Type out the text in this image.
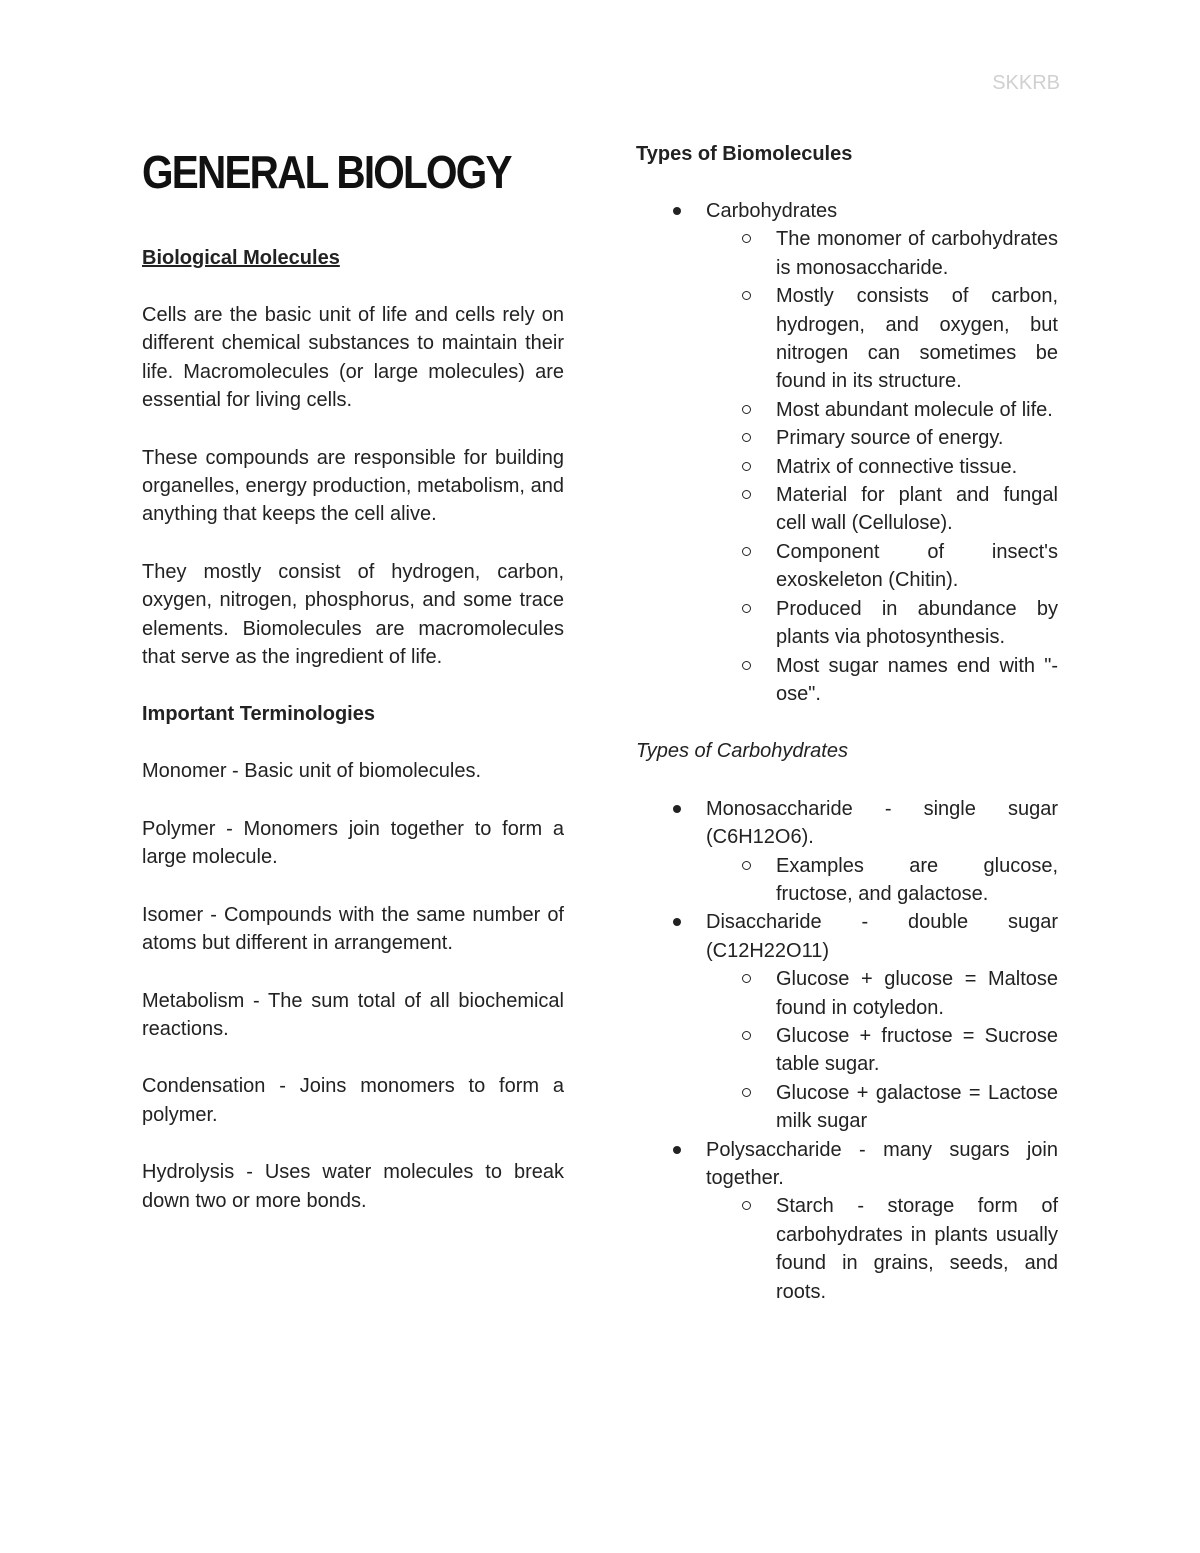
SKKRB
GENERAL BIOLOGY
Biological Molecules

Cells are the basic unit of life and cells rely on different chemical substances to maintain their life. Macromolecules (or large molecules) are essential for living cells.

These compounds are responsible for building organelles, energy production, metabolism, and anything that keeps the cell alive.

They mostly consist of hydrogen, carbon, oxygen, nitrogen, phosphorus, and some trace elements. Biomolecules are macromolecules that serve as the ingredient of life.

Important Terminologies

Monomer - Basic unit of biomolecules.

Polymer - Monomers join together to form a large molecule.

Isomer - Compounds with the same number of atoms but different in arrangement.

Metabolism - The sum total of all biochemical reactions.

Condensation - Joins monomers to form a polymer.

Hydrolysis - Uses water molecules to break down two or more bonds.

Types of Biomolecules
Carbohydrates
The monomer of carbohydrates is monosaccharide.
Mostly consists of carbon, hydrogen, and oxygen, but nitrogen can sometimes be found in its structure.
Most abundant molecule of life.
Primary source of energy.
Matrix of connective tissue.
Material for plant and fungal cell wall (Cellulose).
Component of insect's exoskeleton (Chitin).
Produced in abundance by plants via photosynthesis.
Most sugar names end with "-ose".
Types of Carbohydrates
Monosaccharide - single sugar (C6H12O6).
Examples are glucose, fructose, and galactose.
Disaccharide - double sugar (C12H22O11)
Glucose + glucose = Maltose found in cotyledon.
Glucose + fructose = Sucrose table sugar.
Glucose + galactose = Lactose milk sugar
Polysaccharide - many sugars join together.
Starch - storage form of carbohydrates in plants usually found in grains, seeds, and roots.
